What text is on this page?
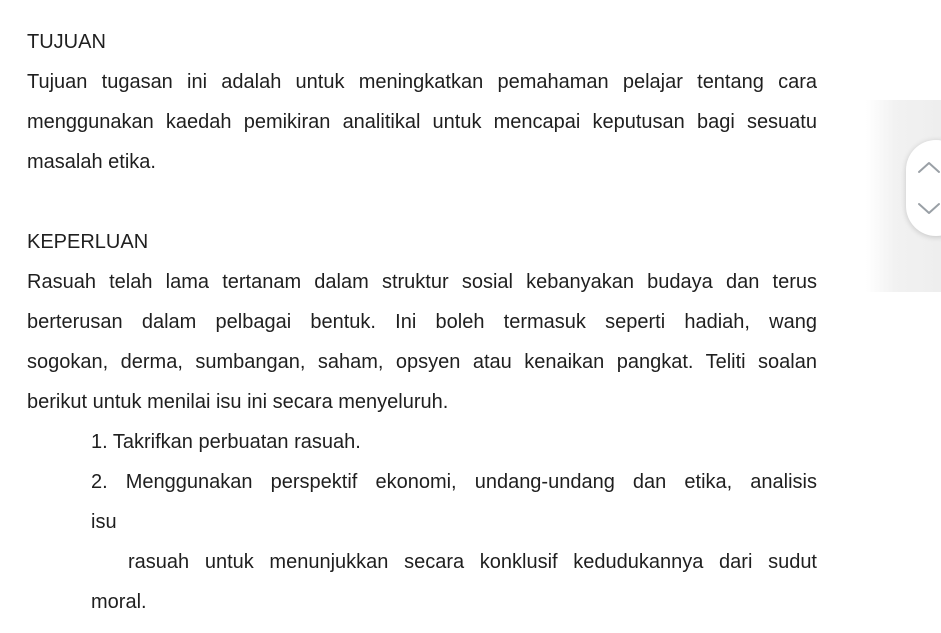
TUJUAN
Tujuan tugasan ini adalah untuk meningkatkan pemahaman pelajar tentang cara
menggunakan kaedah pemikiran analitikal untuk mencapai keputusan bagi sesuatu
masalah etika.
KEPERLUAN
Rasuah telah lama tertanam dalam struktur sosial kebanyakan budaya dan terus
berterusan dalam pelbagai bentuk. Ini boleh termasuk seperti hadiah, wang
sogokan, derma, sumbangan, saham, opsyen atau kenaikan pangkat. Teliti soalan
berikut untuk menilai isu ini secara menyeluruh.
1. Takrifkan perbuatan rasuah.
2. Menggunakan perspektif ekonomi, undang-undang dan etika, analisis
isu
rasuah untuk menunjukkan secara konklusif kedudukannya dari sudut
moral.
